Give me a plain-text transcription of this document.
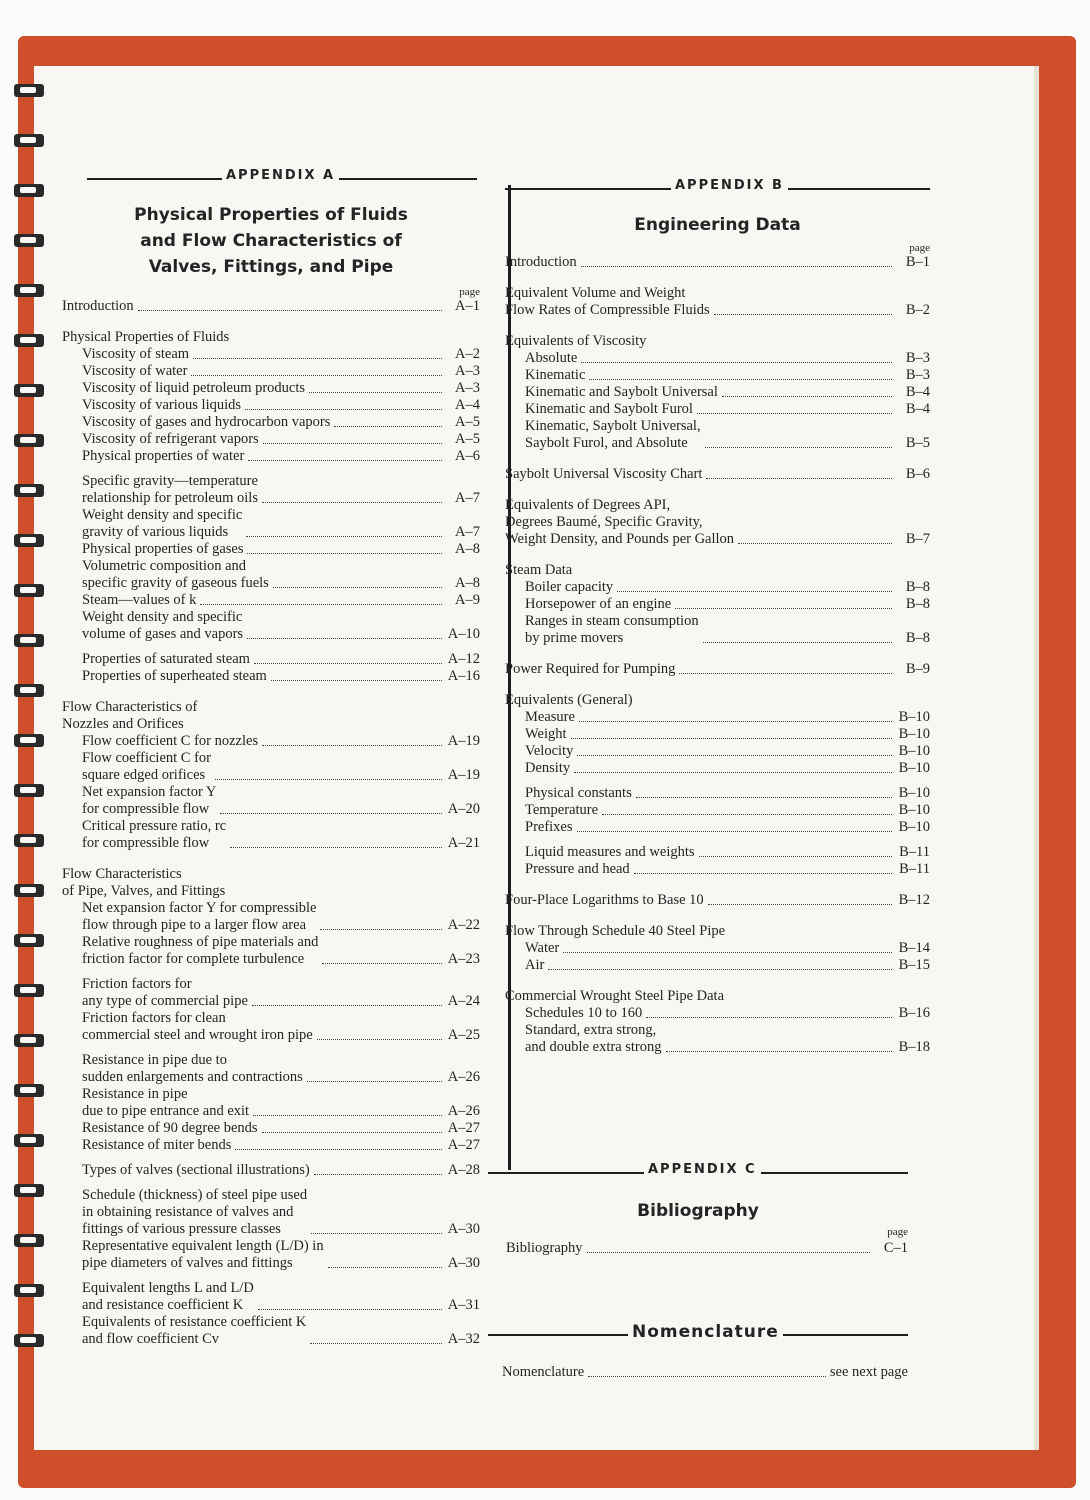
APPENDIX A
Physical Properties of Fluids
and Flow Characteristics of
Valves, Fittings, and Pipe
page
Introduction	A–1
Physical Properties of Fluids
Viscosity of steam	A–2
Viscosity of water	A–3
Viscosity of liquid petroleum products	A–3
Viscosity of various liquids	A–4
Viscosity of gases and hydrocarbon vapors	A–5
Viscosity of refrigerant vapors	A–5
Physical properties of water	A–6
Specific gravity—temperature
relationship for petroleum oils	A–7
Weight density and specific
gravity of various liquids	A–7
Physical properties of gases	A–8
Volumetric composition and
specific gravity of gaseous fuels	A–8
Steam—values of k	A–9
Weight density and specific
volume of gases and vapors	A–10
Properties of saturated steam	A–12
Properties of superheated steam	A–16
Flow Characteristics of
Nozzles and Orifices
Flow coefficient C for nozzles	A–19
Flow coefficient C for
square edged orifices	A–19
Net expansion factor Y
for compressible flow	A–20
Critical pressure ratio, rc
for compressible flow	A–21
Flow Characteristics
of Pipe, Valves, and Fittings
Net expansion factor Y for compressible
flow through pipe to a larger flow area	A–22
Relative roughness of pipe materials and
friction factor for complete turbulence	A–23
Friction factors for
any type of commercial pipe	A–24
Friction factors for clean
commercial steel and wrought iron pipe	A–25
Resistance in pipe due to
sudden enlargements and contractions	A–26
Resistance in pipe
due to pipe entrance and exit	A–26
Resistance of 90 degree bends	A–27
Resistance of miter bends	A–27
Types of valves (sectional illustrations)	A–28
Schedule (thickness) of steel pipe used
in obtaining resistance of valves and
fittings of various pressure classes	A–30
Representative equivalent length (L/D) in
pipe diameters of valves and fittings	A–30
Equivalent lengths L and L/D
and resistance coefficient K	A–31
Equivalents of resistance coefficient K
and flow coefficient Cv	A–32
APPENDIX B
Engineering Data
page
Introduction	B–1
Equivalent Volume and Weight
Flow Rates of Compressible Fluids	B–2
Equivalents of Viscosity
Absolute	B–3
Kinematic	B–3
Kinematic and Saybolt Universal	B–4
Kinematic and Saybolt Furol	B–4
Kinematic, Saybolt Universal,
Saybolt Furol, and Absolute	B–5
Saybolt Universal Viscosity Chart	B–6
Equivalents of Degrees API,
Degrees Baumé, Specific Gravity,
Weight Density, and Pounds per Gallon	B–7
Steam Data
Boiler capacity	B–8
Horsepower of an engine	B–8
Ranges in steam consumption
by prime movers	B–8
Power Required for Pumping	B–9
Equivalents (General)
Measure	B–10
Weight	B–10
Velocity	B–10
Density	B–10
Physical constants	B–10
Temperature	B–10
Prefixes	B–10
Liquid measures and weights	B–11
Pressure and head	B–11
Four-Place Logarithms to Base 10	B–12
Flow Through Schedule 40 Steel Pipe
Water	B–14
Air	B–15
Commercial Wrought Steel Pipe Data
Schedules 10 to 160	B–16
Standard, extra strong,
and double extra strong	B–18
APPENDIX C
Bibliography
page
Bibliography	C–1
Nomenclature
Nomenclature	see next page
